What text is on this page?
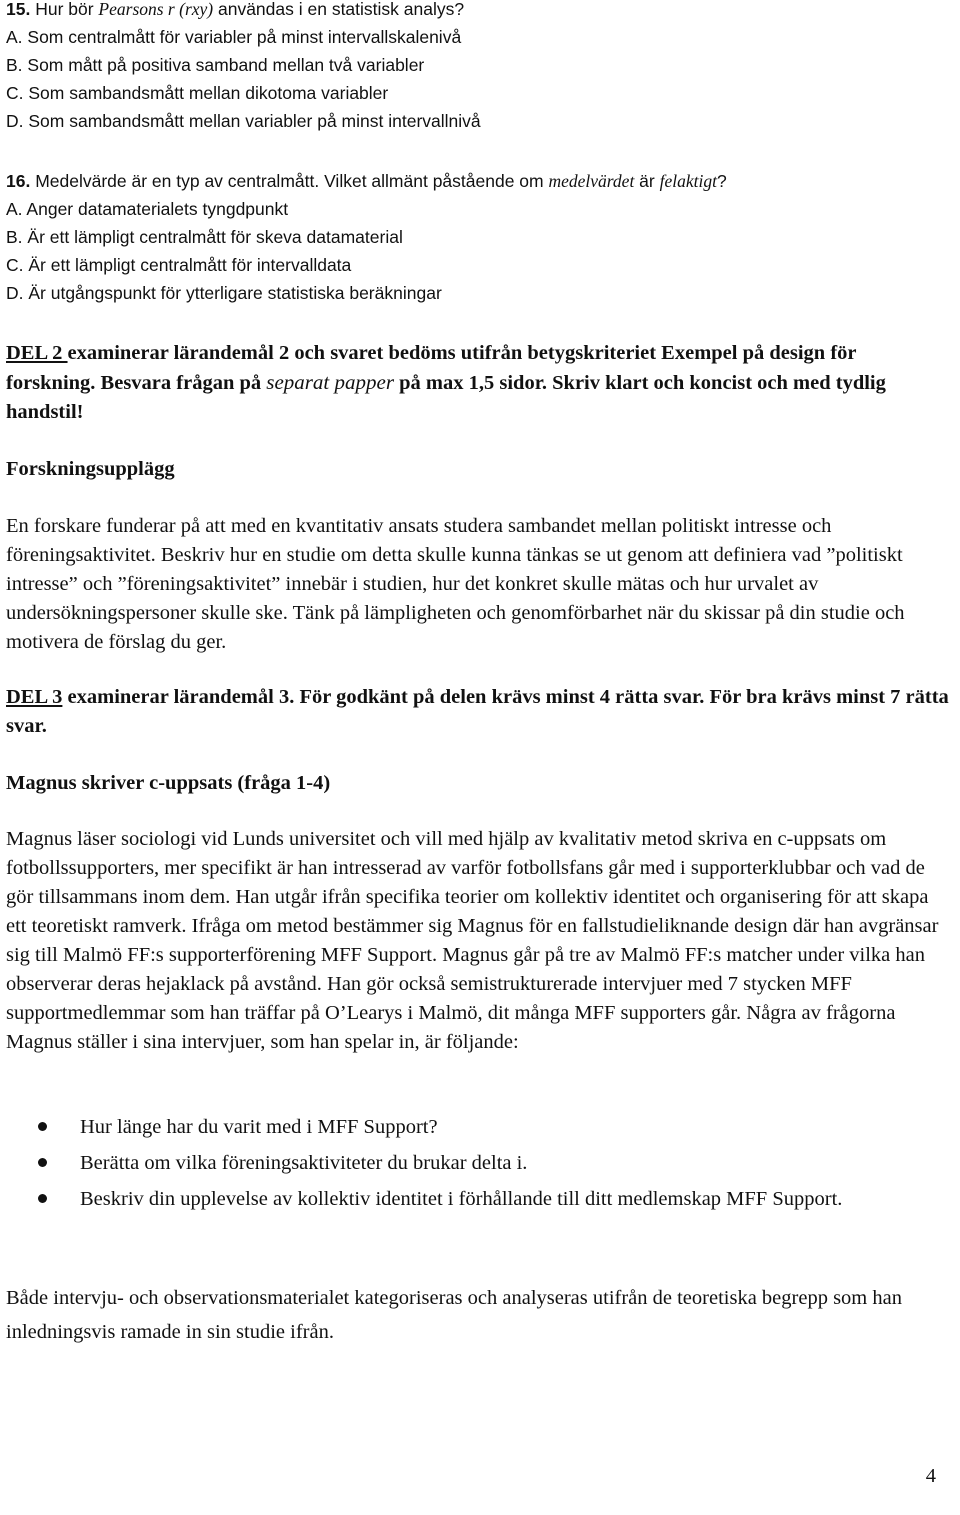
15. Hur bör Pearsons r (rxy) användas i en statistisk analys?
A. Som centralmått för variabler på minst intervallskalenivå
B. Som mått på positiva samband mellan två variabler
C. Som sambandsmått mellan dikotoma variabler
D. Som sambandsmått mellan variabler på minst intervallnivå
16. Medelvärde är en typ av centralmått. Vilket allmänt påstående om medelvärdet är felaktigt?
A. Anger datamaterialets tyngdpunkt
B. Är ett lämpligt centralmått för skeva datamaterial
C. Är ett lämpligt centralmått för intervalldata
D. Är utgångspunkt för ytterligare statistiska beräkningar
DEL 2 examinerar lärandemål 2 och svaret bedöms utifrån betygskriteriet Exempel på design för forskning. Besvara frågan på separat papper på max 1,5 sidor. Skriv klart och koncist och med tydlig handstil!
Forskningsupplägg

En forskare funderar på att med en kvantitativ ansats studera sambandet mellan politiskt intresse och föreningsaktivitet. Beskriv hur en studie om detta skulle kunna tänkas se ut genom att definiera vad ”politiskt intresse” och ”föreningsaktivitet” innebär i studien, hur det konkret skulle mätas och hur urvalet av undersökningspersoner skulle ske. Tänk på lämpligheten och genomförbarhet när du skissar på din studie och motivera de förslag du ger.

DEL 3 examinerar lärandemål 3. För godkänt på delen krävs minst 4 rätta svar. För bra krävs minst 7 rätta svar.
Magnus skriver c-uppsats (fråga 1-4)

Magnus läser sociologi vid Lunds universitet och vill med hjälp av kvalitativ metod skriva en c-uppsats om fotbollssupporters, mer specifikt är han intresserad av varför fotbollsfans går med i supporterklubbar och vad de gör tillsammans inom dem. Han utgår ifrån specifika teorier om kollektiv identitet och organisering för att skapa ett teoretiskt ramverk. Ifråga om metod bestämmer sig Magnus för en fallstudieliknande design där han avgränsar sig till Malmö FF:s supporterförening MFF Support. Magnus går på tre av Malmö FF:s matcher under vilka han observerar deras hejaklack på avstånd. Han gör också semistrukturerade intervjuer med 7 stycken MFF supportmedlemmar som han träffar på O’Learys i Malmö, dit många MFF supporters går. Några av frågorna Magnus ställer i sina intervjuer, som han spelar in, är följande:

Hur länge har du varit med i MFF Support?
Berätta om vilka föreningsaktiviteter du brukar delta i.
Beskriv din upplevelse av kollektiv identitet i förhållande till ditt medlemskap MFF Support.

Både intervju- och observationsmaterialet kategoriseras och analyseras utifrån de teoretiska begrepp som han inledningsvis ramade in sin studie ifrån.

4
